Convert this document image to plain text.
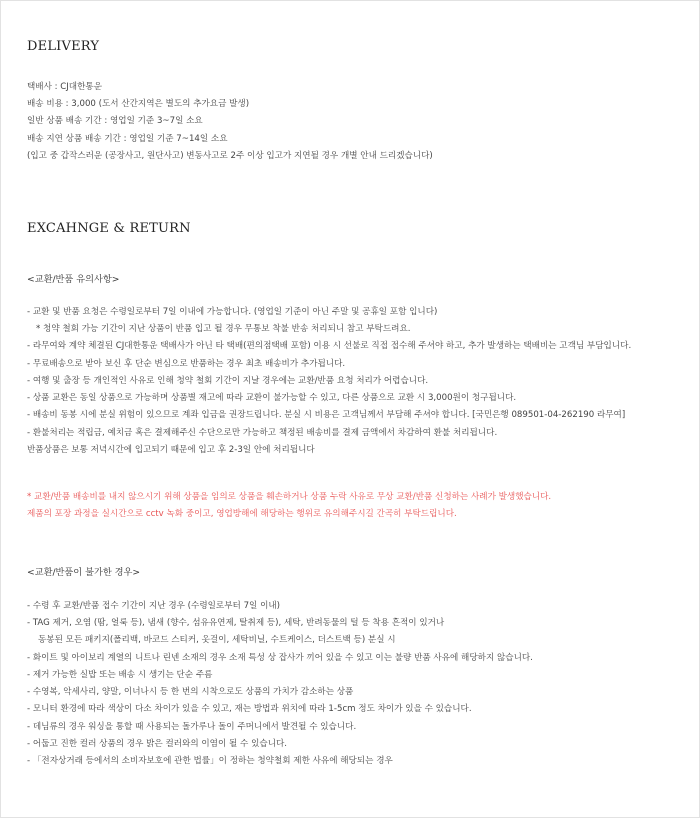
DELIVERY
택배사 : CJ대한통운
배송 비용 : 3,000 (도서 산간지역은 별도의 추가요금 발생)
일반 상품 배송 기간 : 영업일 기준 3~7일 소요
배송 지연 상품 배송 기간 : 영업일 기준 7~14일 소요
(입고 중 갑작스러운 (공장사고, 원단사고) 변동사고로 2주 이상 입고가 지연될 경우 개별 안내 드리겠습니다)
EXCAHNGE & RETURN
<교환/반품 유의사항>
- 교환 및 반품 요청은 수령일로부터 7일 이내에 가능합니다. (영업일 기준이 아닌 주말 및 공휴일 포함 입니다)
* 청약 철회 가능 기간이 지난 상품이 반품 입고 될 경우 무통보 착불 반송 처리되니 참고 부탁드려요.
- 라무여와 계약 체결된 CJ대한통운 택배사가 아닌 타 택배(편의점택배 포함) 이용 시 선불로 직접 접수해 주셔야 하고, 추가 발생하는 택배비는 고객님 부담입니다.
- 무료배송으로 받아 보신 후 단순 변심으로 반품하는 경우 최초 배송비가 추가됩니다.
- 여행 및 출장 등 개인적인 사유로 인해 청약 철회 기간이 지날 경우에는 교환/반품 요청 처리가 어렵습니다.
- 상품 교환은 동일 상품으로 가능하며 상품별 재고에 따라 교환이 불가능할 수 있고, 다른 상품으로 교환 시 3,000원이 청구됩니다.
- 배송비 동봉 시에 분실 위험이 있으므로 계좌 입금을 권장드립니다. 분실 시 비용은 고객님께서 부담해 주셔야 합니다. [국민은행 089501-04-262190 라무여]
- 환불처리는 적립금, 예치금 혹은 결제해주신 수단으로만 가능하고 책정된 배송비를 결제 금액에서 차감하여 환불 처리됩니다.
반품상품은 보통 저녁시간에 입고되기 때문에 입고 후 2-3일 안에 처리됩니다
* 교환/반품 배송비를 내지 않으시기 위해 상품을 임의로 상품을 훼손하거나 상품 누락 사유로 무상 교환/반품 신청하는 사례가 발생했습니다.
제품의 포장 과정을 실시간으로 cctv 녹화 중이고, 영업방해에 해당하는 행위로 유의해주시길 간곡히 부탁드립니다.
<교환/반품이 불가한 경우>
- 수령 후 교환/반품 접수 기간이 지난 경우 (수령일로부터 7일 이내)
- TAG 제거, 오염 (땀, 얼룩 등), 냄새 (향수, 섬유유연제, 탈취제 등), 세탁, 반려동물의 털 등 착용 흔적이 있거나
동봉된 모든 패키지(폴리백, 바코드 스티커, 옷걸이, 세탁비닐, 수트케이스, 더스트백 등) 분실 시
- 화이트 및 아이보리 계열의 니트나 린넨 소재의 경우 소재 특성 상 잡사가 끼어 있을 수 있고 이는 불량 반품 사유에 해당하지 않습니다.
- 제거 가능한 실밥 또는 배송 시 생기는 단순 주름
- 수영복, 악세사리, 양말, 이너나시 등 한 번의 시착으로도 상품의 가치가 감소하는 상품
- 모니터 환경에 따라 색상이 다소 차이가 있을 수 있고, 재는 방법과 위치에 따라 1-5cm 정도 차이가 있을 수 있습니다.
- 데님류의 경우 워싱을 통할 때 사용되는 돌가루나 돌이 주머니에서 발견될 수 있습니다.
- 어둡고 진한 컬러 상품의 경우 밝은 컬러와의 이염이 될 수 있습니다.
- 「전자상거래 등에서의 소비자보호에 관한 법률」이 정하는 청약철회 제한 사유에 해당되는 경우
